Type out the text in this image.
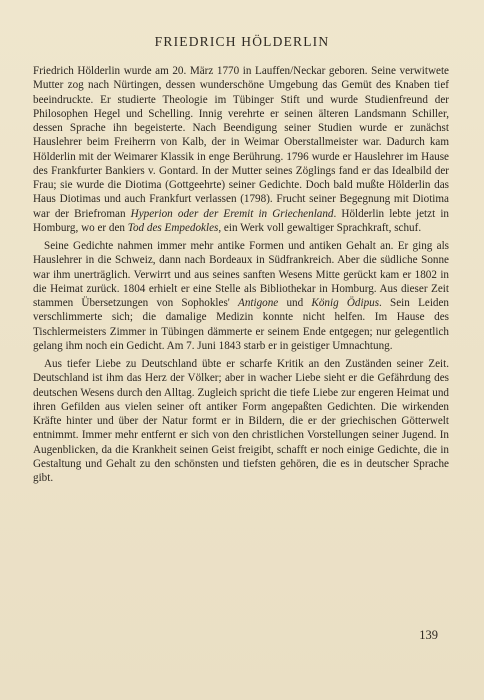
FRIEDRICH HÖLDERLIN

Friedrich Hölderlin wurde am 20. März 1770 in Lauffen/Neckar geboren. Seine verwitwete Mutter zog nach Nürtingen, dessen wunderschöne Umgebung das Gemüt des Knaben tief beeindruckte. Er studierte Theologie im Tübinger Stift und wurde Studienfreund der Philosophen Hegel und Schelling. Innig verehrte er seinen älteren Landsmann Schiller, dessen Sprache ihn begeisterte. Nach Beendigung seiner Studien wurde er zunächst Hauslehrer beim Freiherrn von Kalb, der in Weimar Oberstallmeister war. Dadurch kam Hölderlin mit der Weimarer Klassik in enge Berührung. 1796 wurde er Hauslehrer im Hause des Frankfurter Bankiers v. Gontard. In der Mutter seines Zöglings fand er das Idealbild der Frau; sie wurde die Diotima (Gottgeehrte) seiner Gedichte. Doch bald mußte Hölderlin das Haus Diotimas und auch Frankfurt verlassen (1798). Frucht seiner Begegnung mit Diotima war der Briefroman Hyperion oder der Eremit in Griechenland. Hölderlin lebte jetzt in Homburg, wo er den Tod des Empedokles, ein Werk voll gewaltiger Sprachkraft, schuf.

Seine Gedichte nahmen immer mehr antike Formen und antiken Gehalt an. Er ging als Hauslehrer in die Schweiz, dann nach Bordeaux in Südfrankreich. Aber die südliche Sonne war ihm unerträglich. Verwirrt und aus seines sanften Wesens Mitte gerückt kam er 1802 in die Heimat zurück. 1804 erhielt er eine Stelle als Bibliothekar in Homburg. Aus dieser Zeit stammen Übersetzungen von Sophokles' Antigone und König Ödipus. Sein Leiden verschlimmerte sich; die damalige Medizin konnte nicht helfen. Im Hause des Tischlermeisters Zimmer in Tübingen dämmerte er seinem Ende entgegen; nur gelegentlich gelang ihm noch ein Gedicht. Am 7. Juni 1843 starb er in geistiger Umnachtung.

Aus tiefer Liebe zu Deutschland übte er scharfe Kritik an den Zuständen seiner Zeit. Deutschland ist ihm das Herz der Völker; aber in wacher Liebe sieht er die Gefährdung des deutschen Wesens durch den Alltag. Zugleich spricht die tiefe Liebe zur engeren Heimat und ihren Gefilden aus vielen seiner oft antiker Form angepaßten Gedichten. Die wirkenden Kräfte hinter und über der Natur formt er in Bildern, die er der griechischen Götterwelt entnimmt. Immer mehr entfernt er sich von den christlichen Vorstellungen seiner Jugend. In Augenblicken, da die Krankheit seinen Geist freigibt, schafft er noch einige Gedichte, die in Gestaltung und Gehalt zu den schönsten und tiefsten gehören, die es in deutscher Sprache gibt.

139
